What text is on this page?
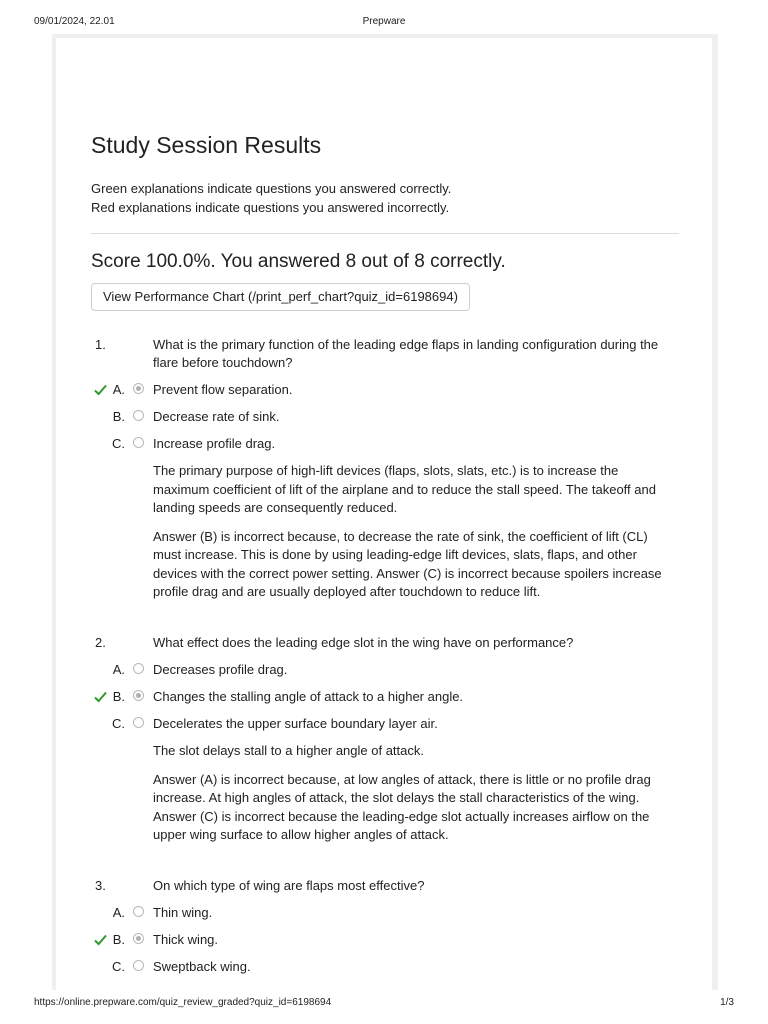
09/01/2024, 22.01	Prepware
Study Session Results
Green explanations indicate questions you answered correctly.
Red explanations indicate questions you answered incorrectly.
Score 100.0%. You answered 8 out of 8 correctly.
View Performance Chart (/print_perf_chart?quiz_id=6198694)
1.	What is the primary function of the leading edge flaps in landing configuration during the flare before touchdown?
A. Prevent flow separation.
B. Decrease rate of sink.
C. Increase profile drag.

The primary purpose of high-lift devices (flaps, slots, slats, etc.) is to increase the maximum coefficient of lift of the airplane and to reduce the stall speed. The takeoff and landing speeds are consequently reduced.

Answer (B) is incorrect because, to decrease the rate of sink, the coefficient of lift (CL) must increase. This is done by using leading-edge lift devices, slats, flaps, and other devices with the correct power setting. Answer (C) is incorrect because spoilers increase profile drag and are usually deployed after touchdown to reduce lift.

2.	What effect does the leading edge slot in the wing have on performance?
A. Decreases profile drag.
B. Changes the stalling angle of attack to a higher angle.
C. Decelerates the upper surface boundary layer air.

The slot delays stall to a higher angle of attack.

Answer (A) is incorrect because, at low angles of attack, there is little or no profile drag increase. At high angles of attack, the slot delays the stall characteristics of the wing. Answer (C) is incorrect because the leading-edge slot actually increases airflow on the upper wing surface to allow higher angles of attack.

3.	On which type of wing are flaps most effective?
A. Thin wing.
B. Thick wing.
C. Sweptback wing.
https://online.prepware.com/quiz_review_graded?quiz_id=6198694	1/3
